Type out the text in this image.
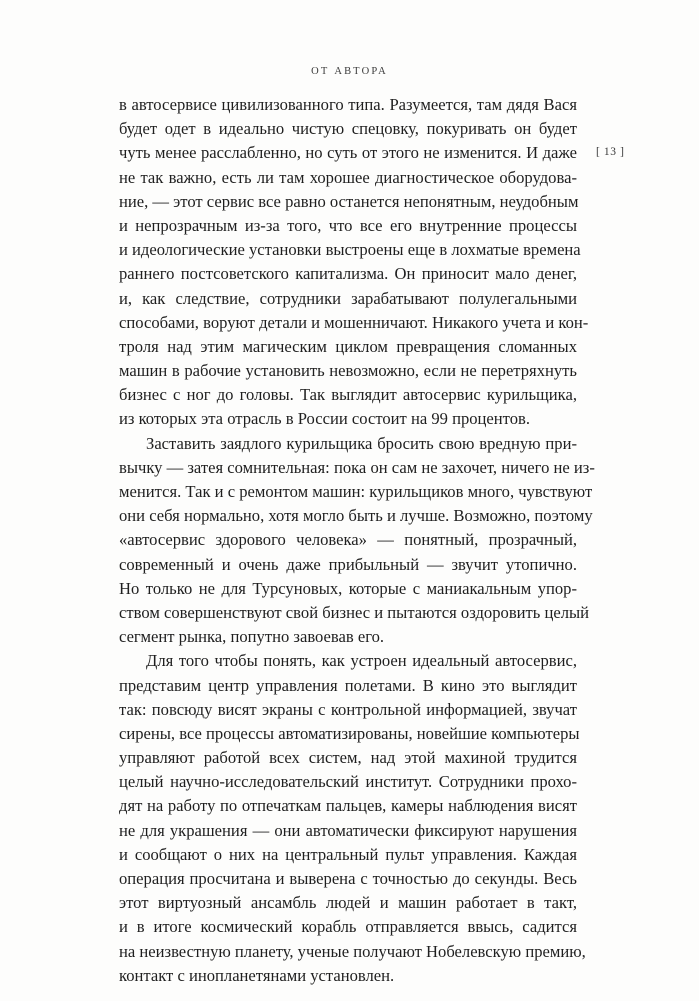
ОТ АВТОРА
[ 13 ]
в автосервисе цивилизованного типа. Разумеется, там дядя Вася
будет одет в идеально чистую спецовку, покуривать он будет
чуть менее расслабленно, но суть от этого не изменится. И даже
не так важно, есть ли там хорошее диагностическое оборудова-
ние, — этот сервис все равно останется непонятным, неудобным
и непрозрачным из-за того, что все его внутренние процессы
и идеологические установки выстроены еще в лохматые времена
раннего постсоветского капитализма. Он приносит мало денег,
и, как следствие, сотрудники зарабатывают полулегальными
способами, воруют детали и мошенничают. Никакого учета и кон-
троля над этим магическим циклом превращения сломанных
машин в рабочие установить невозможно, если не перетряхнуть
бизнес с ног до головы. Так выглядит автосервис курильщика,
из которых эта отрасль в России состоит на 99 процентов.
Заставить заядлого курильщика бросить свою вредную при-
вычку — затея сомнительная: пока он сам не захочет, ничего не из-
менится. Так и с ремонтом машин: курильщиков много, чувствуют
они себя нормально, хотя могло быть и лучше. Возможно, поэтому
«автосервис здорового человека» — понятный, прозрачный,
современный и очень даже прибыльный — звучит утопично.
Но только не для Турсуновых, которые с маниакальным упор-
ством совершенствуют свой бизнес и пытаются оздоровить целый
сегмент рынка, попутно завоевав его.
Для того чтобы понять, как устроен идеальный автосервис,
представим центр управления полетами. В кино это выглядит
так: повсюду висят экраны с контрольной информацией, звучат
сирены, все процессы автоматизированы, новейшие компьютеры
управляют работой всех систем, над этой махиной трудится
целый научно-исследовательский институт. Сотрудники прохо-
дят на работу по отпечаткам пальцев, камеры наблюдения висят
не для украшения — они автоматически фиксируют нарушения
и сообщают о них на центральный пульт управления. Каждая
операция просчитана и выверена с точностью до секунды. Весь
этот виртуозный ансамбль людей и машин работает в такт,
и в итоге космический корабль отправляется ввысь, садится
на неизвестную планету, ученые получают Нобелевскую премию,
контакт с инопланетянами установлен.
